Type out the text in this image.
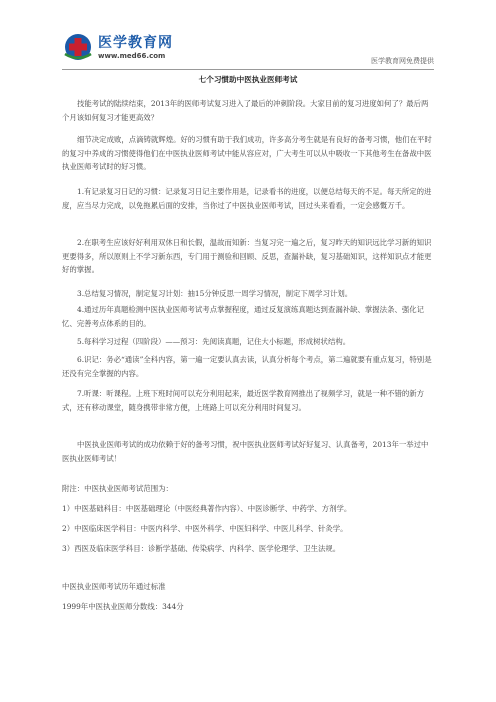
医学教育网
www.med66.com
医学教育网免费提供
七个习惯助中医执业医师考试

技能考试的陆续结束，2013年的医师考试复习进入了最后的冲刺阶段。大家目前的复习进度如何了？最后两个月该如何复习才能更高效？

细节决定成败，点滴铸就辉煌。好的习惯有助于我们成功，许多高分考生就是有良好的备考习惯，他们在平时的复习中养成的习惯使得他们在中医执业医师考试中能从容应对，广大考生可以从中吸收一下其他考生在备战中医执业医师考试时的好习惯。

1.有记录复习日记的习惯：记录复习日记主要作用是，记录看书的进度，以便总结每天的不足。每天所定的进度，应当尽力完成，以免拖累后面的安排，当你过了中医执业医师考试，回过头来看看，一定会感慨万千。

2.在职考生应该好好利用双休日和长假，温故而知新：当复习完一遍之后，复习昨天的知识远比学习新的知识更要得多，所以原则上不学习新东西，专门用于测验和回顾、反思，查漏补缺，复习基础知识，这样知识点才能更好的掌握。

3.总结复习情况，制定复习计划：抽15分钟反思一周学习情况，制定下周学习计划。

4.通过历年真题检测中医执业医师考试考点掌握程度，通过反复演练真题达到查漏补缺、掌握法条、强化记忆、完善考点体系的目的。

5.每科学习过程（四阶段）——预习：先阅读真题，记住大小标题，形成树状结构。

6.识记：务必“通读”全科内容，第一遍一定要认真去读，认真分析每个考点，第二遍就要有重点复习，特别是还没有完全掌握的内容。

7.听课：听课程。上班下班时间可以充分利用起来，最近医学教育网推出了视频学习，就是一种不错的新方式，还有移动课堂，随身携带非常方便，上班路上可以充分利用时间复习。

中医执业医师考试的成功依赖于好的备考习惯，祝中医执业医师考试好好复习、认真备考，2013年一举过中医执业医师考试！

附注：中医执业医师考试范围为：

1）中医基础科目：中医基础理论（中医经典著作内容）、中医诊断学、中药学、方剂学。

2）中医临床医学科目：中医内科学、中医外科学、中医妇科学、中医儿科学、针灸学。

3）西医及临床医学科目：诊断学基础、传染病学、内科学、医学伦理学、卫生法规。

中医执业医师考试历年通过标准

1999年中医执业医师分数线：344分
